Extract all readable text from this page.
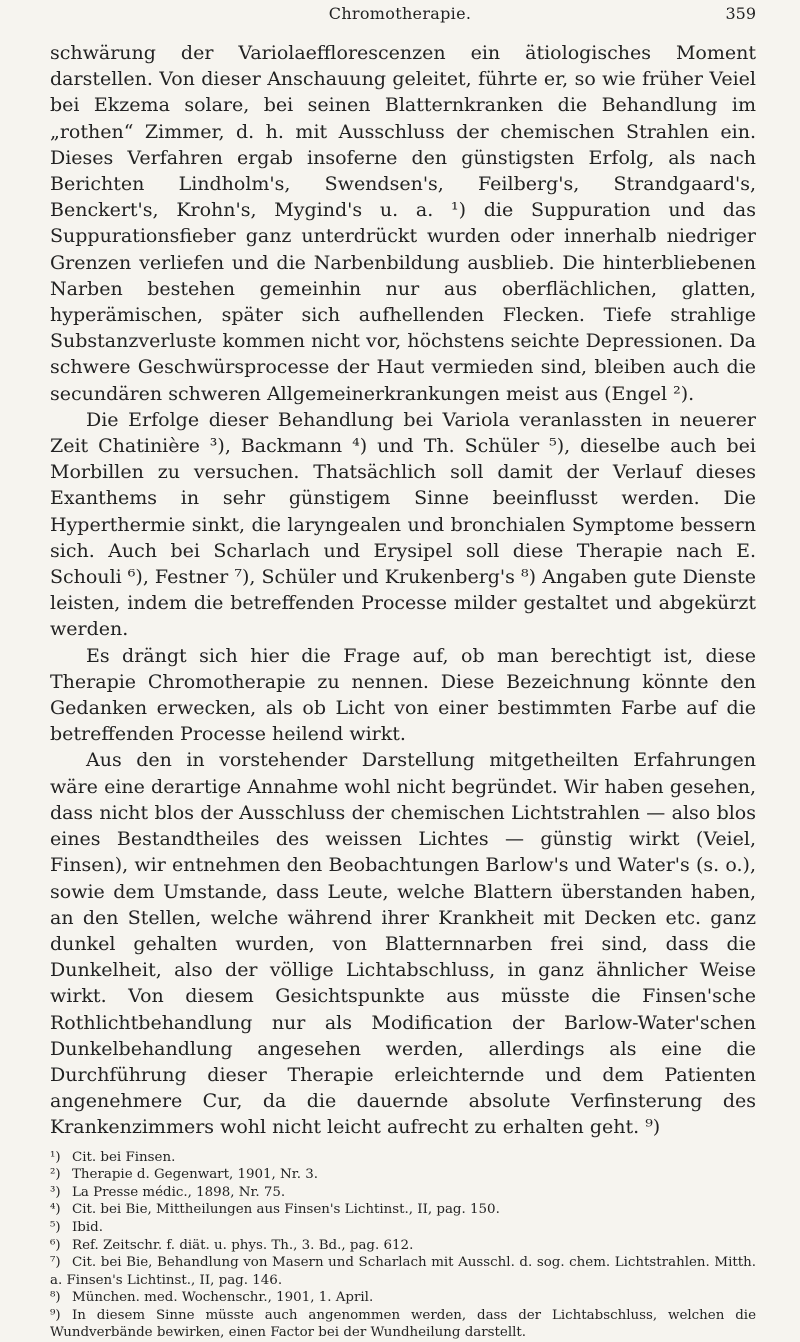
Chromotherapie.	359

schwärung der Variolaefflorescenzen ein ätiologisches Moment darstellen. Von dieser Anschauung geleitet, führte er, so wie früher Veiel bei Ekzema solare, bei seinen Blatternkranken die Behandlung im „rothen“ Zimmer, d. h. mit Ausschluss der chemischen Strahlen ein. Dieses Verfahren ergab insoferne den günstigsten Erfolg, als nach Berichten Lindholm's, Swendsen's, Feilberg's, Strandgaard's, Benckert's, Krohn's, Mygind's u. a. ¹) die Suppuration und das Suppurationsfieber ganz unterdrückt wurden oder innerhalb niedriger Grenzen verliefen und die Narbenbildung ausblieb. Die hinterbliebenen Narben bestehen gemeinhin nur aus oberflächlichen, glatten, hyperämischen, später sich aufhellenden Flecken. Tiefe strahlige Substanzverluste kommen nicht vor, höchstens seichte Depressionen. Da schwere Geschwürsprocesse der Haut vermieden sind, bleiben auch die secundären schweren Allgemeinerkrankungen meist aus (Engel ²).

Die Erfolge dieser Behandlung bei Variola veranlassten in neuerer Zeit Chatinière ³), Backmann ⁴) und Th. Schüler ⁵), dieselbe auch bei Morbillen zu versuchen. Thatsächlich soll damit der Verlauf dieses Exanthems in sehr günstigem Sinne beeinflusst werden. Die Hyperthermie sinkt, die laryngealen und bronchialen Symptome bessern sich. Auch bei Scharlach und Erysipel soll diese Therapie nach E. Schouli ⁶), Festner ⁷), Schüler und Krukenberg's ⁸) Angaben gute Dienste leisten, indem die betreffenden Processe milder gestaltet und abgekürzt werden.

Es drängt sich hier die Frage auf, ob man berechtigt ist, diese Therapie Chromotherapie zu nennen. Diese Bezeichnung könnte den Gedanken erwecken, als ob Licht von einer bestimmten Farbe auf die betreffenden Processe heilend wirkt.

Aus den in vorstehender Darstellung mitgetheilten Erfahrungen wäre eine derartige Annahme wohl nicht begründet. Wir haben gesehen, dass nicht blos der Ausschluss der chemischen Lichtstrahlen — also blos eines Bestandtheiles des weissen Lichtes — günstig wirkt (Veiel, Finsen), wir entnehmen den Beobachtungen Barlow's und Water's (s. o.), sowie dem Umstande, dass Leute, welche Blattern überstanden haben, an den Stellen, welche während ihrer Krankheit mit Decken etc. ganz dunkel gehalten wurden, von Blatternnarben frei sind, dass die Dunkelheit, also der völlige Lichtabschluss, in ganz ähnlicher Weise wirkt. Von diesem Gesichtspunkte aus müsste die Finsen'sche Rothlichtbehandlung nur als Modification der Barlow-Water'schen Dunkelbehandlung angesehen werden, allerdings als eine die Durchführung dieser Therapie erleichternde und dem Patienten angenehmere Cur, da die dauernde absolute Verfinsterung des Krankenzimmers wohl nicht leicht aufrecht zu erhalten geht. ⁹)

¹) Cit. bei Finsen.
²) Therapie d. Gegenwart, 1901, Nr. 3.
³) La Presse médic., 1898, Nr. 75.
⁴) Cit. bei Bie, Mittheilungen aus Finsen's Lichtinst., II, pag. 150.
⁵) Ibid.
⁶) Ref. Zeitschr. f. diät. u. phys. Th., 3. Bd., pag. 612.
⁷) Cit. bei Bie, Behandlung von Masern und Scharlach mit Ausschl. d. sog. chem. Lichtstrahlen. Mitth. a. Finsen's Lichtinst., II, pag. 146.
⁸) München. med. Wochenschr., 1901, 1. April.
⁹) In diesem Sinne müsste auch angenommen werden, dass der Lichtabschluss, welchen die Wundverbände bewirken, einen Factor bei der Wundheilung darstellt.
